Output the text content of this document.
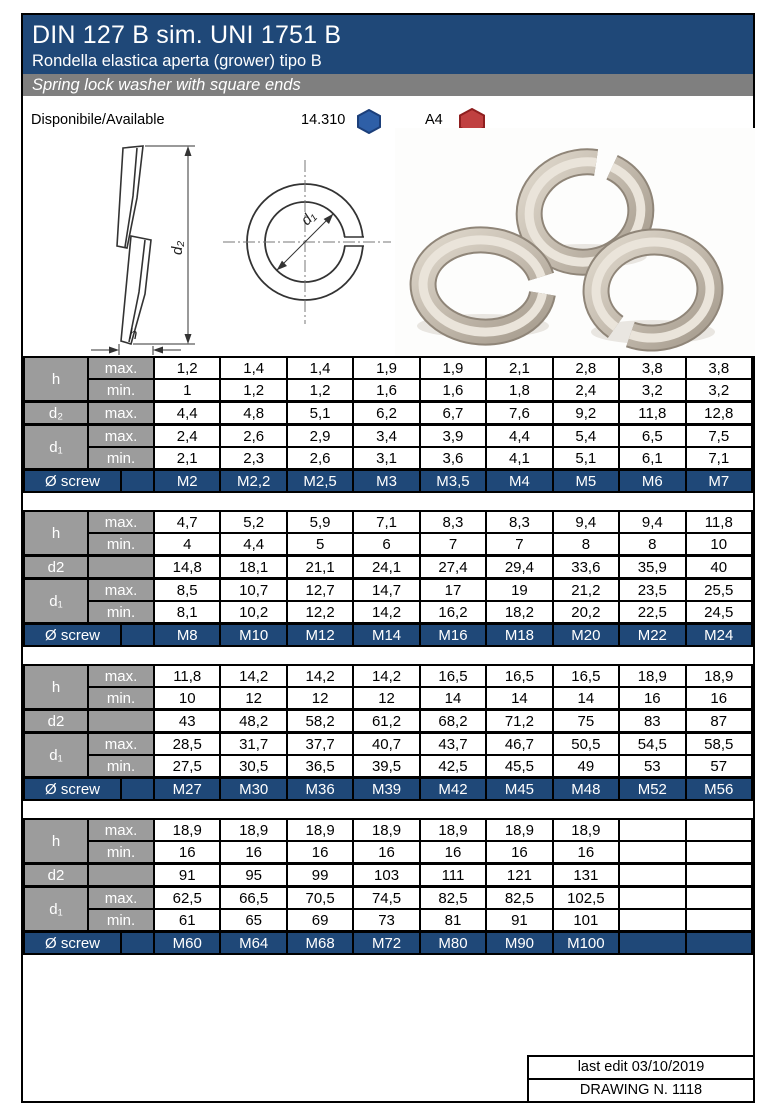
DIN 127 B sim. UNI 1751 B
Rondella elastica aperta (grower) tipo B
Spring lock washer with square ends
Disponibile/Available	14.310	A4
d₂
h
d₁
h	max.		1,2	1,4	1,4	1,9	1,9	2,1	2,8	3,8	3,8
	min.		1	1,2	1,2	1,6	1,6	1,8	2,4	3,2	3,2
d₂	max.		4,4	4,8	5,1	6,2	6,7	7,6	9,2	11,8	12,8
d₁	max.		2,4	2,6	2,9	3,4	3,9	4,4	5,4	6,5	7,5
	min.		2,1	2,3	2,6	3,1	3,6	4,1	5,1	6,1	7,1
Ø screw			M2	M2,2	M2,5	M3	M3,5	M4	M5	M6	M7
h	max.		4,7	5,2	5,9	7,1	8,3	8,3	9,4	9,4	11,8
	min.		4	4,4	5	6	7	7	8	8	10
d2			14,8	18,1	21,1	24,1	27,4	29,4	33,6	35,9	40
d₁	max.		8,5	10,7	12,7	14,7	17	19	21,2	23,5	25,5
	min.		8,1	10,2	12,2	14,2	16,2	18,2	20,2	22,5	24,5
Ø screw			M8	M10	M12	M14	M16	M18	M20	M22	M24
h	max.		11,8	14,2	14,2	14,2	16,5	16,5	16,5	18,9	18,9
	min.		10	12	12	12	14	14	14	16	16
d2			43	48,2	58,2	61,2	68,2	71,2	75	83	87
d₁	max.		28,5	31,7	37,7	40,7	43,7	46,7	50,5	54,5	58,5
	min.		27,5	30,5	36,5	39,5	42,5	45,5	49	53	57
Ø screw			M27	M30	M36	M39	M42	M45	M48	M52	M56
h	max.		18,9	18,9	18,9	18,9	18,9	18,9	18,9		
	min.		16	16	16	16	16	16	16		
d2			91	95	99	103	111	121	131		
d₁	max.		62,5	66,5	70,5	74,5	82,5	82,5	102,5		
	min.		61	65	69	73	81	91	101		
Ø screw			M60	M64	M68	M72	M80	M90	M100		
last edit 03/10/2019
DRAWING N. 1118
